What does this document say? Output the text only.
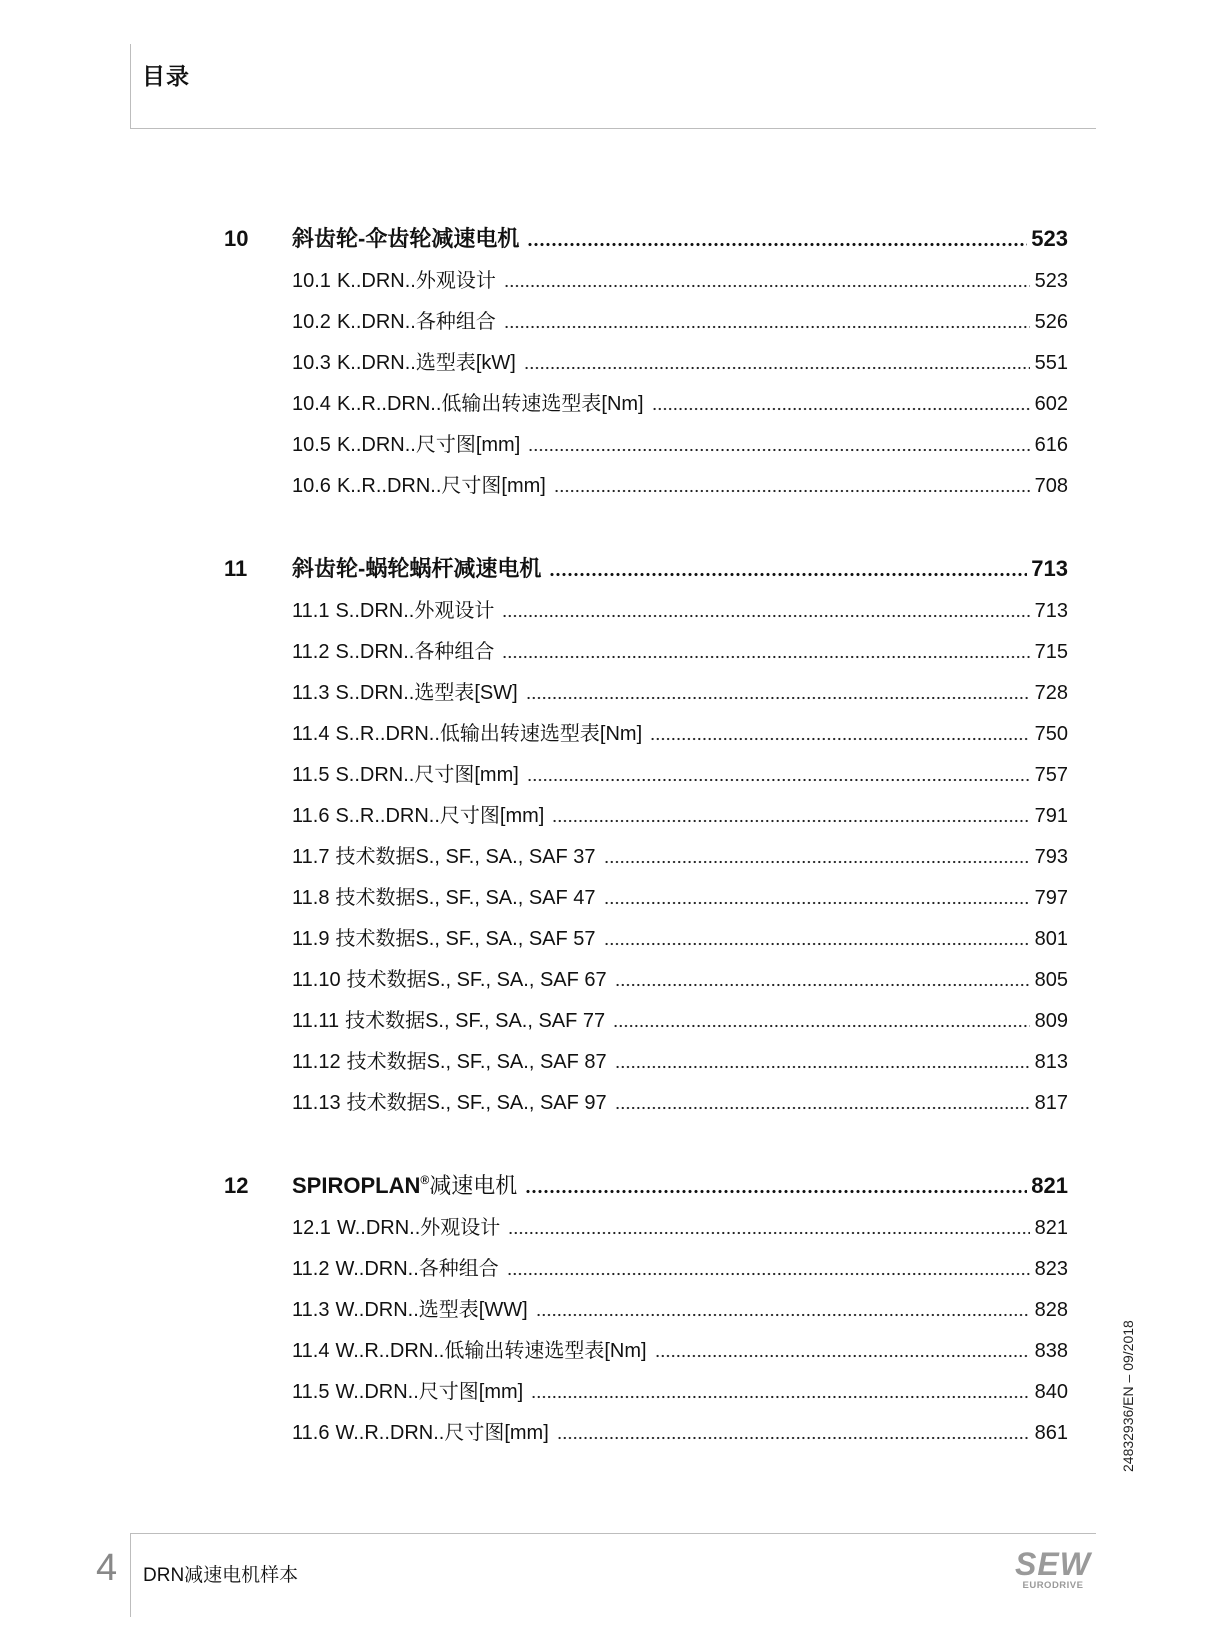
目录
10	斜齿轮-伞齿轮减速电机	523
10.1 K..DRN..外观设计	523
10.2 K..DRN..各种组合	526
10.3 K..DRN..选型表[kW]	551
10.4 K..R..DRN..低输出转速选型表[Nm]	602
10.5 K..DRN..尺寸图[mm]	616
10.6 K..R..DRN..尺寸图[mm]	708
11	斜齿轮-蜗轮蜗杆减速电机	713
11.1 S..DRN..外观设计	713
11.2 S..DRN..各种组合	715
11.3 S..DRN..选型表[SW]	728
11.4 S..R..DRN..低输出转速选型表[Nm]	750
11.5 S..DRN..尺寸图[mm]	757
11.6 S..R..DRN..尺寸图[mm]	791
11.7 技术数据S., SF., SA., SAF 37	793
11.8 技术数据S., SF., SA., SAF 47	797
11.9 技术数据S., SF., SA., SAF 57	801
11.10 技术数据S., SF., SA., SAF 67	805
11.11 技术数据S., SF., SA., SAF 77	809
11.12 技术数据S., SF., SA., SAF 87	813
11.13 技术数据S., SF., SA., SAF 97	817
12	SPIROPLAN®减速电机	821
12.1 W..DRN..外观设计	821
11.2 W..DRN..各种组合	823
11.3 W..DRN..选型表[WW]	828
11.4 W..R..DRN..低输出转速选型表[Nm]	838
11.5 W..DRN..尺寸图[mm]	840
11.6 W..R..DRN..尺寸图[mm]	861	24832936/EN – 09/2018
4 DRN减速电机样本	SEW
EURODRIVE
